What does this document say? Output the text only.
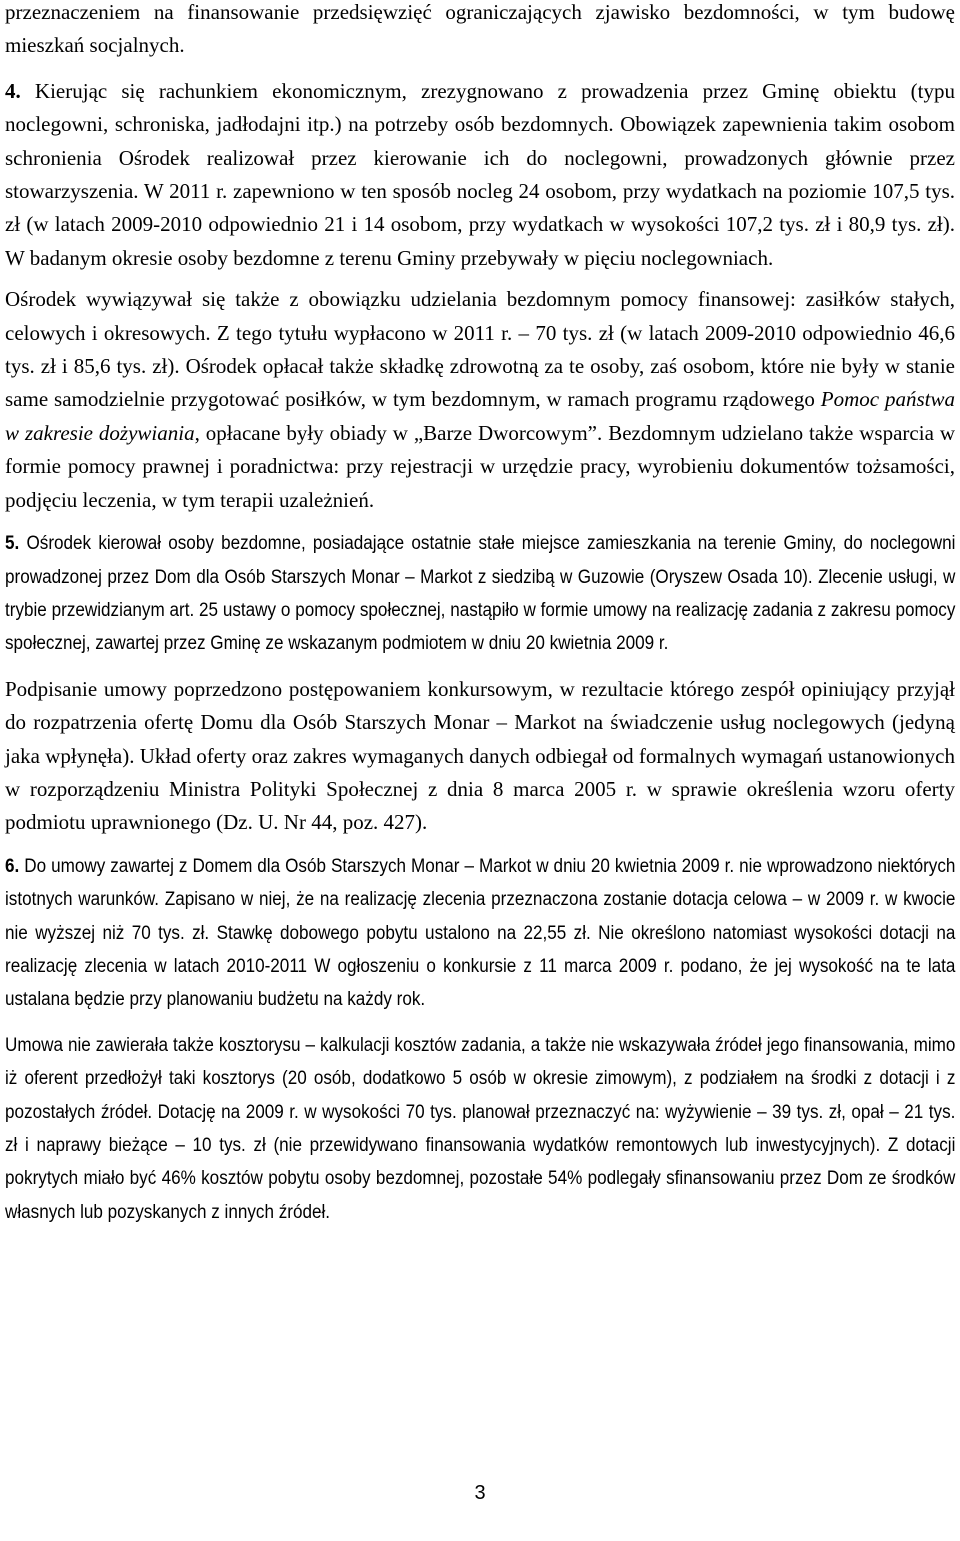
przeznaczeniem na finansowanie przedsięwzięć ograniczających zjawisko bezdomności, w tym budowę mieszkań socjalnych.

4. Kierując się rachunkiem ekonomicznym, zrezygnowano z prowadzenia przez Gminę obiektu (typu noclegowni, schroniska, jadłodajni itp.) na potrzeby osób bezdomnych. Obowiązek zapewnienia takim osobom schronienia Ośrodek realizował przez kierowanie ich do noclegowni, prowadzonych głównie przez stowarzyszenia. W 2011 r. zapewniono w ten sposób nocleg 24 osobom, przy wydatkach na poziomie 107,5 tys. zł (w latach 2009-2010 odpowiednio 21 i 14 osobom, przy wydatkach w wysokości 107,2 tys. zł i 80,9 tys. zł). W badanym okresie osoby bezdomne z terenu Gminy przebywały w pięciu noclegowniach.

Ośrodek wywiązywał się także z obowiązku udzielania bezdomnym pomocy finansowej: zasiłków stałych, celowych i okresowych. Z tego tytułu wypłacono w 2011 r. – 70 tys. zł (w latach 2009-2010 odpowiednio 46,6 tys. zł i 85,6 tys. zł). Ośrodek opłacał także składkę zdrowotną za te osoby, zaś osobom, które nie były w stanie same samodzielnie przygotować posiłków, w tym bezdomnym, w ramach programu rządowego Pomoc państwa w zakresie dożywiania, opłacane były obiady w „Barze Dworcowym”. Bezdomnym udzielano także wsparcia w formie pomocy prawnej i poradnictwa: przy rejestracji w urzędzie pracy, wyrobieniu dokumentów tożsamości, podjęciu leczenia, w tym terapii uzależnień.

5. Ośrodek kierował osoby bezdomne, posiadające ostatnie stałe miejsce zamieszkania na terenie Gminy, do noclegowni prowadzonej przez Dom dla Osób Starszych Monar – Markot z siedzibą w Guzowie (Oryszew Osada 10). Zlecenie usługi, w trybie przewidzianym art. 25 ustawy o pomocy społecznej, nastąpiło w formie umowy na realizację zadania z zakresu pomocy społecznej, zawartej przez Gminę ze wskazanym podmiotem w dniu 20 kwietnia 2009 r.

Podpisanie umowy poprzedzono postępowaniem konkursowym, w rezultacie którego zespół opiniujący przyjął do rozpatrzenia ofertę Domu dla Osób Starszych Monar – Markot na świadczenie usług noclegowych (jedyną jaka wpłynęła). Układ oferty oraz zakres wymaganych danych odbiegał od formalnych wymagań ustanowionych w rozporządzeniu Ministra Polityki Społecznej z dnia 8 marca 2005 r. w sprawie określenia wzoru oferty podmiotu uprawnionego (Dz. U. Nr 44, poz. 427).

6. Do umowy zawartej z Domem dla Osób Starszych Monar – Markot w dniu 20 kwietnia 2009 r. nie wprowadzono niektórych istotnych warunków. Zapisano w niej, że na realizację zlecenia przeznaczona zostanie dotacja celowa – w 2009 r. w kwocie nie wyższej niż 70 tys. zł. Stawkę dobowego pobytu ustalono na 22,55 zł. Nie określono natomiast wysokości dotacji na realizację zlecenia w latach 2010-2011 W ogłoszeniu o konkursie z 11 marca 2009 r. podano, że jej wysokość na te lata ustalana będzie przy planowaniu budżetu na każdy rok.

Umowa nie zawierała także kosztorysu – kalkulacji kosztów zadania, a także nie wskazywała źródeł jego finansowania, mimo iż oferent przedłożył taki kosztorys (20 osób, dodatkowo 5 osób w okresie zimowym), z podziałem na środki z dotacji i z pozostałych źródeł. Dotację na 2009 r. w wysokości 70 tys. planował przeznaczyć na: wyżywienie – 39 tys. zł, opał – 21 tys. zł i naprawy bieżące – 10 tys. zł (nie przewidywano finansowania wydatków remontowych lub inwestycyjnych). Z dotacji pokrytych miało być 46% kosztów pobytu osoby bezdomnej, pozostałe 54% podlegały sfinansowaniu przez Dom ze środków własnych lub pozyskanych z innych źródeł.

3
